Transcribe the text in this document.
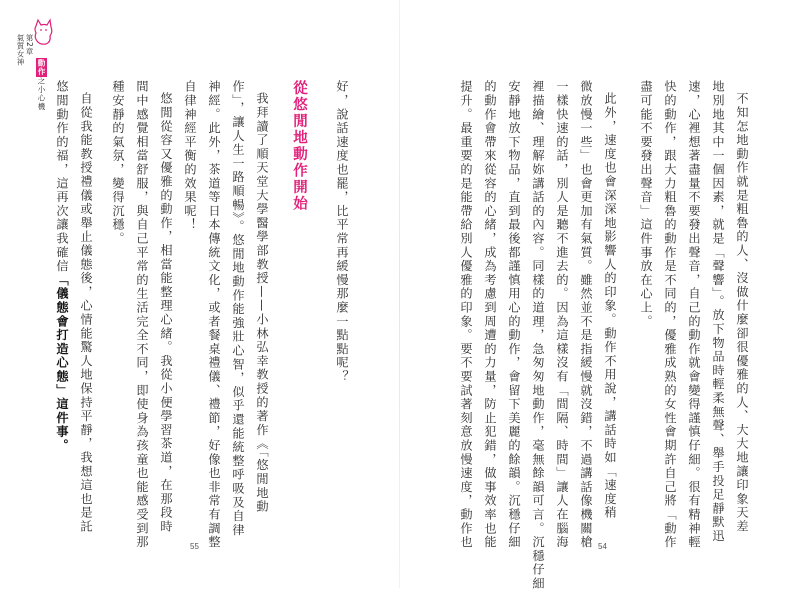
第2章
氣質女神
動作之小心機	不知怎地動作就是粗魯的人、沒做什麼卻很優雅的人、大大地讓印象天差
地別地其中一個因素，就是「聲響」。放下物品時輕柔無聲、舉手投足靜默迅
速，心裡想著盡量不要發出聲音，自己的動作就會變得謹慎仔細。很有精神輕
快的動作，跟大力粗魯的動作是不同的，優雅成熟的女性會期許自己將「動作
盡可能不要發出聲音」這件事放在心上。
此外，速度也會深深地影響人的印象。動作不用說，講話時如「速度稍
微放慢一些」也會更加有氣質。雖然並不是指緩慢就沒錯，不過講話像機關槍
一樣快速的話，別人是聽不進去的。因為這樣沒有「間隔、時間」讓人在腦海
裡描繪、理解妳講話的內容。同樣的道理，急匆匆地動作，毫無餘韻可言。沉穩仔細
安靜地放下物品，直到最後都謹慎用心的動作，會留下美麗的餘韻。沉穩仔細
的動作會帶來從容的心緒，成為考慮到周遭的力量，防止犯錯，做事效率也能
提升。最重要的是能帶給別人優雅的印象。要不要試著刻意放慢速度，動作也	54
好，說話速度也罷，比平常再緩慢那麼一點點呢？
從悠閒地動作開始
我拜讀了順天堂大學醫學部教授——小林弘幸教授的著作《「悠閒地動
作」，讓人生一路順暢》。悠閒地動作能強壯心智，似乎還能統整呼吸及自律
神經。此外，茶道等日本傳統文化，或者餐桌禮儀、禮節，好像也非常有調整
自律神經平衡的效果呢！
悠閒從容又優雅的動作，相當能整理心緒。我從小便學習茶道，在那段時
間中感覺相當舒服，與自己平常的生活完全不同，即使身為孩童也能感受到那
種安靜的氣氛，變得沉穩。
自從我能教授禮儀或舉止儀態後，心情能驚人地保持平靜，我想這也是託
悠閒動作的福，這再次讓我確信「儀態會打造心態」這件事。
55
